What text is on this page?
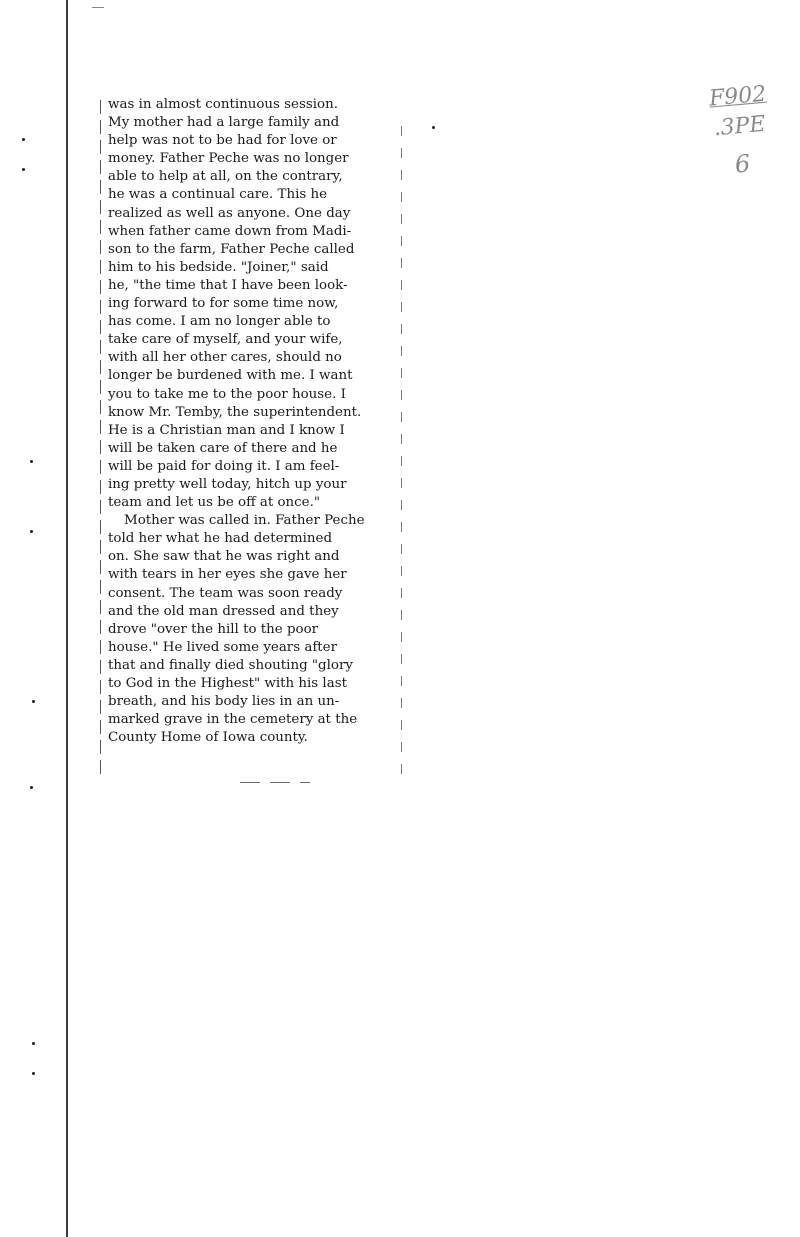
was in almost continuous session.
My mother had a large family and
help was not to be had for love or
money. Father Peche was no longer
able to help at all, on the contrary,
he was a continual care. This he
realized as well as anyone. One day
when father came down from Madi-
son to the farm, Father Peche called
him to his bedside. "Joiner," said
he, "the time that I have been look-
ing forward to for some time now,
has come. I am no longer able to
take care of myself, and your wife,
with all her other cares, should no
longer be burdened with me. I want
you to take me to the poor house. I
know Mr. Temby, the superintendent.
He is a Christian man and I know I
will be taken care of there and he
will be paid for doing it. I am feel-
ing pretty well today, hitch up your
team and let us be off at once."

Mother was called in. Father Peche
told her what he had determined
on. She saw that he was right and
with tears in her eyes she gave her
consent. The team was soon ready
and the old man dressed and they
drove "over the hill to the poor
house." He lived some years after
that and finally died shouting "glory
to God in the Highest" with his last
breath, and his body lies in an un-
marked grave in the cemetery at the
County Home of Iowa county.

F902
.3PE
6
